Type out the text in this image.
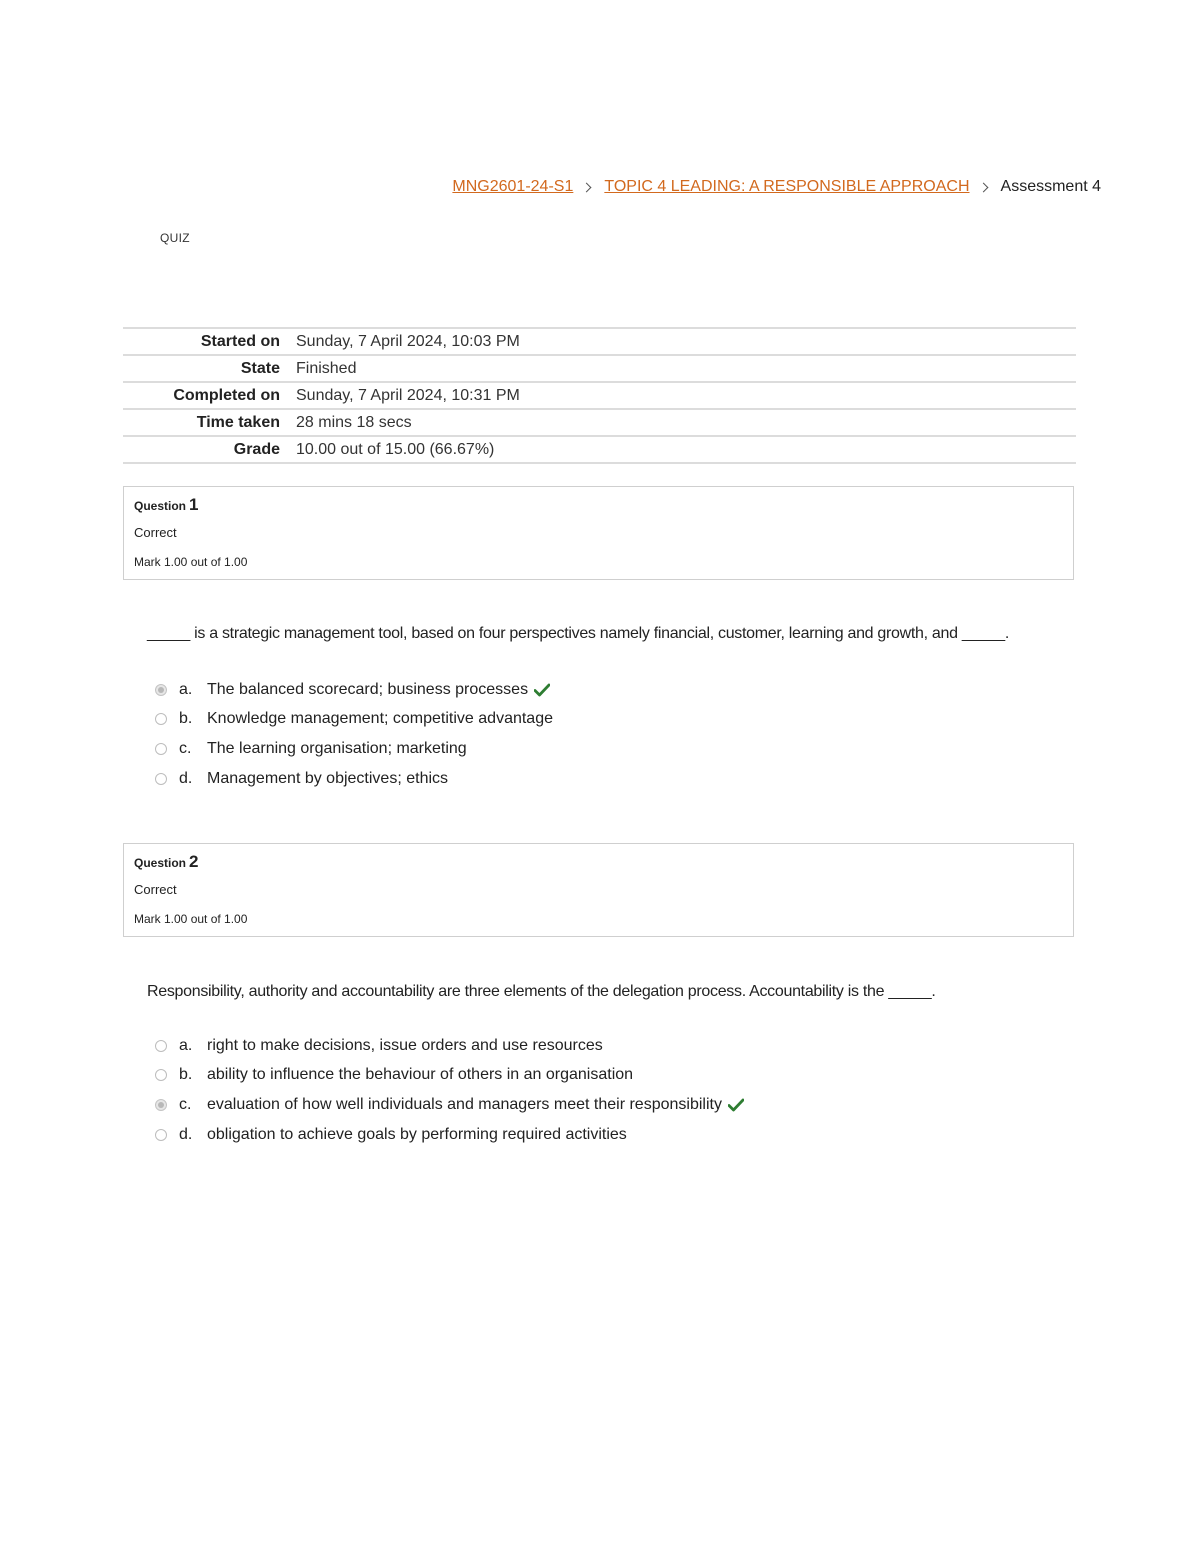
MNG2601-24-S1 TOPIC 4 LEADING: A RESPONSIBLE APPROACH Assessment 4
QUIZ
Started on	Sunday, 7 April 2024, 10:03 PM
State	Finished
Completed on	Sunday, 7 April 2024, 10:31 PM
Time taken	28 mins 18 secs
Grade	10.00 out of 15.00 (66.67%)
Question 1
Correct
Mark 1.00 out of 1.00
_____ is a strategic management tool, based on four perspectives namely financial, customer, learning and growth, and _____.
a. The balanced scorecard; business processes
b. Knowledge management; competitive advantage
c. The learning organisation; marketing
d. Management by objectives; ethics
Question 2
Correct
Mark 1.00 out of 1.00
Responsibility, authority and accountability are three elements of the delegation process. Accountability is the _____.
a. right to make decisions, issue orders and use resources
b. ability to influence the behaviour of others in an organisation
c. evaluation of how well individuals and managers meet their responsibility
d. obligation to achieve goals by performing required activities
